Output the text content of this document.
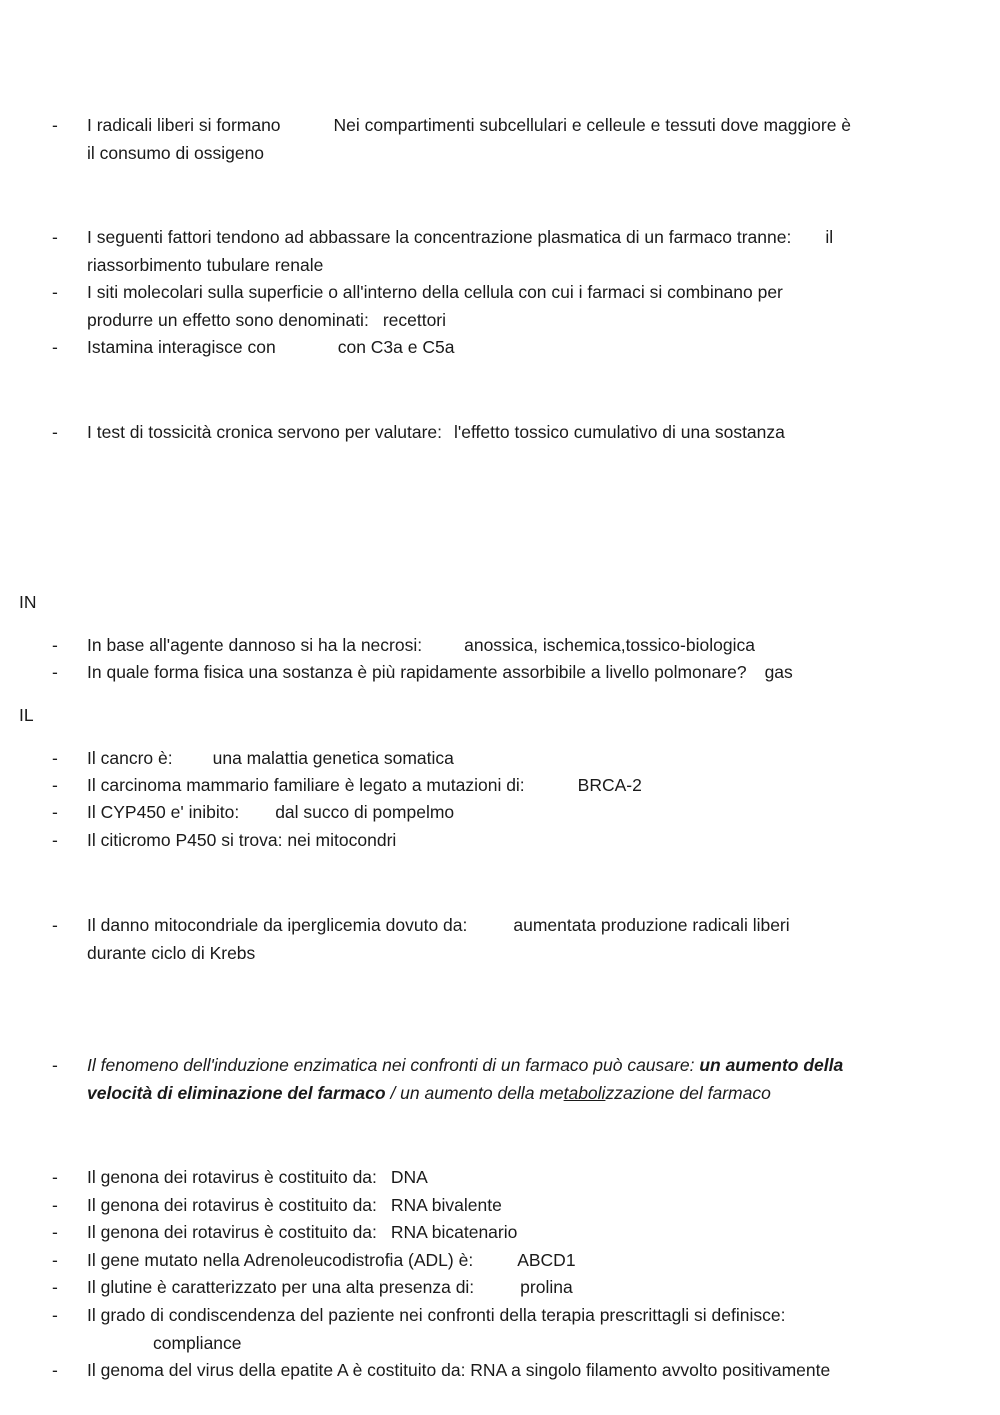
- I radicali liberi si formano	Nei compartimenti subcellulari e celleule e tessuti dove maggiore è
il consumo di ossigeno

- I seguenti fattori tendono ad abbassare la concentrazione plasmatica di un farmaco tranne: il
riassorbimento tubulare renale

- I siti molecolari sulla superficie o all'interno della cellula con cui i farmaci si combinano per
produrre un effetto sono denominati: recettori

- Istamina interagisce con	con C3a e C5a

- I test di tossicità cronica servono per valutare: l'effetto tossico cumulativo di una sostanza

IN
- In base all'agente dannoso si ha la necrosi: anossica, ischemica,tossico-biologica

- In quale forma fisica una sostanza è più rapidamente assorbibile a livello polmonare? gas

IL
- Il cancro è: una malattia genetica somatica

- Il carcinoma mammario familiare è legato a mutazioni di:	BRCA-2

- Il CYP450 e' inibito: dal succo di pompelmo

- Il citicromo P450 si trova: nei mitocondri

- Il danno mitocondriale da iperglicemia dovuto da:	aumentata produzione radicali liberi
durante ciclo di Krebs

- Il fenomeno dell'induzione enzimatica nei confronti di un farmaco può causare: un aumento della
velocità di eliminazione del farmaco / un aumento della metabolizzazione del farmaco

- Il genona dei rotavirus è costituito da: DNA

- Il genona dei rotavirus è costituito da: RNA bivalente

- Il genona dei rotavirus è costituito da: RNA bicatenario

- Il gene mutato nella Adrenoleucodistrofia (ADL) è:	ABCD1

- Il glutine è caratterizzato per una alta presenza di:	prolina

- Il grado di condiscendenza del paziente nei confronti della terapia prescrittagli si definisce:
compliance

- Il genoma del virus della epatite A è costituito da: RNA a singolo filamento avvolto positivamente
